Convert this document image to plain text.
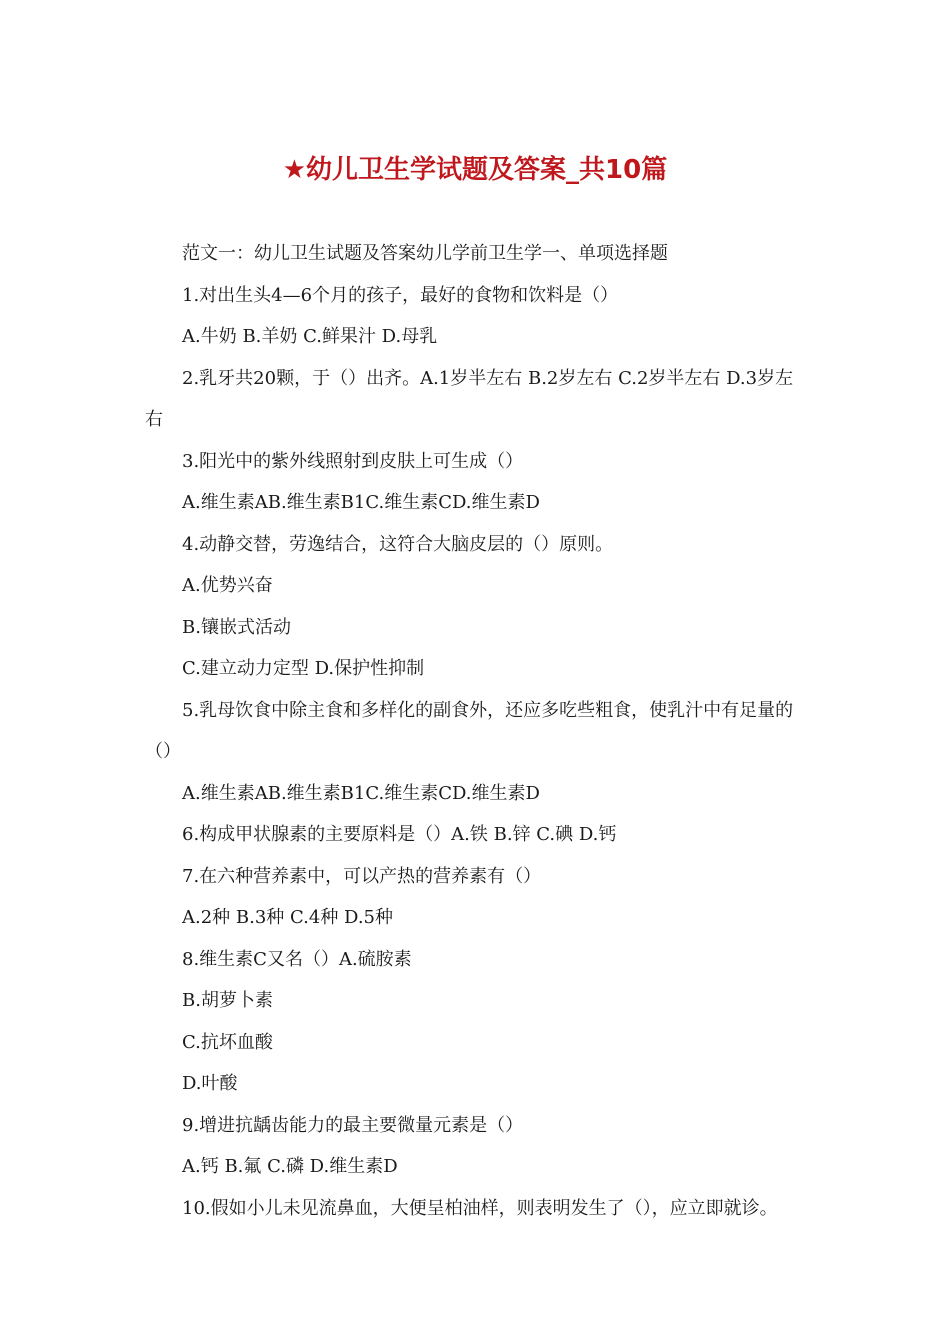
★幼儿卫生学试题及答案_共10篇

范文一：幼儿卫生试题及答案幼儿学前卫生学一、单项选择题

1.对出生头4—6个月的孩子，最好的食物和饮料是（）

A.牛奶 B.羊奶 C.鲜果汁 D.母乳

2.乳牙共20颗，于（）出齐。A.1岁半左右 B.2岁左右 C.2岁半左右 D.3岁左右

3.阳光中的紫外线照射到皮肤上可生成（）

A.维生素AB.维生素B1C.维生素CD.维生素D

4.动静交替，劳逸结合，这符合大脑皮层的（）原则。

A.优势兴奋

B.镶嵌式活动

C.建立动力定型 D.保护性抑制

5.乳母饮食中除主食和多样化的副食外，还应多吃些粗食，使乳汁中有足量的（）

A.维生素AB.维生素B1C.维生素CD.维生素D

6.构成甲状腺素的主要原料是（）A.铁 B.锌 C.碘 D.钙

7.在六种营养素中，可以产热的营养素有（）

A.2种 B.3种 C.4种 D.5种

8.维生素C又名（）A.硫胺素

B.胡萝卜素

C.抗坏血酸

D.叶酸

9.增进抗龋齿能力的最主要微量元素是（）

A.钙 B.氟 C.磷 D.维生素D

10.假如小儿未见流鼻血，大便呈柏油样，则表明发生了（），应立即就诊。
